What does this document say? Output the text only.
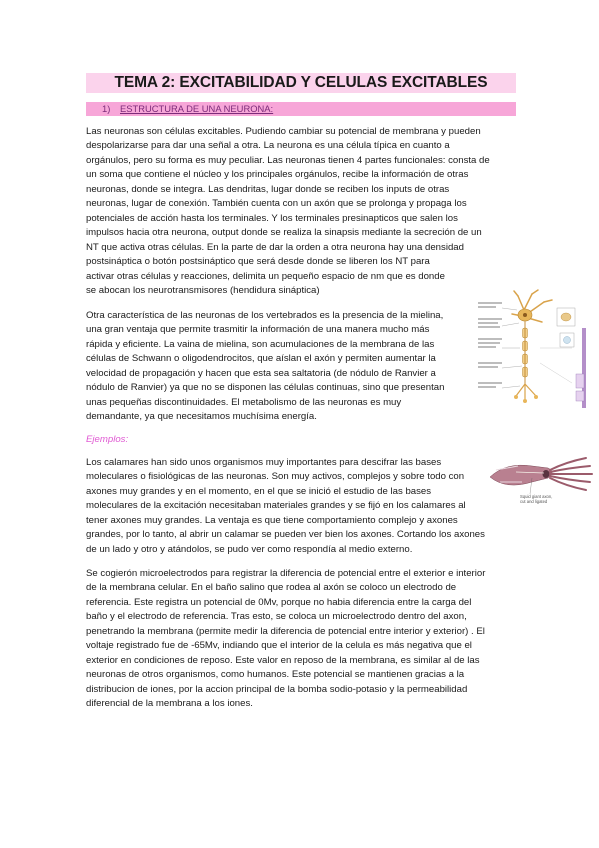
TEMA 2: EXCITABILIDAD Y CELULAS EXCITABLES
1) ESTRUCTURA DE UNA NEURONA:
Las neuronas son células excitables. Pudiendo cambiar su potencial de membrana y pueden
despolarizarse para dar una señal a otra. La neurona es una célula típica en cuanto a
orgánulos, pero su forma es muy peculiar. Las neuronas tienen 4 partes funcionales: consta de
un soma que contiene el núcleo y los principales orgánulos, recibe la información de otras
neuronas, donde se integra. Las dendritas, lugar donde se reciben los inputs de otras
neuronas, lugar de conexión. También cuenta con un axón que se prolonga y propaga los
potenciales de acción hasta los terminales. Y los terminales presinapticos que salen los
impulsos hacia otra neurona, output donde se realiza la sinapsis mediante la secreción de un
NT que activa otras células. En la parte de dar la orden a otra neurona hay una densidad
postsináptica o botón postsináptico que será desde donde se liberen los NT para
activar otras células y reacciones, delimita un pequeño espacio de nm que es donde
se abocan los neurotransmisores (hendidura sináptica)
Otra característica de las neuronas de los vertebrados es la presencia de la mielina,
una gran ventaja que permite trasmitir la información de una manera mucho más
rápida y eficiente. La vaina de mielina, son acumulaciones de la membrana de las
células de Schwann o oligodendrocitos, que aíslan el axón y permiten aumentar la
velocidad de propagación y hacen que esta sea saltatoria (de nódulo de Ranvier a
nódulo de Ranvier) ya que no se disponen las células continuas, sino que presentan
unas pequeñas discontinuidades. El metabolismo de las neuronas es muy
demandante, ya que necesitamos muchísima energía.
Ejemplos:
Los calamares han sido unos organismos muy importantes para descifrar las bases
moleculares o fisiológicas de las neuronas. Son muy activos, complejos y sobre todo con
axones muy grandes y en el momento, en el que se inició el estudio de las bases
moleculares de la excitación necesitaban materiales grandes y se fijó en los calamares al
tener axones muy grandes. La ventaja es que tiene comportamiento complejo y axones
grandes, por lo tanto, al abrir un calamar se pueden ver bien los axones. Cortando los axones
de un lado y otro y atándolos, se pudo ver como respondía al medio externo.
Se cogierón microelectrodos para registrar la diferencia de potencial entre el exterior e interior
de la membrana celular. En el baño salino que rodea al axón se coloco un electrodo de
referencia. Este registra un potencial de 0Mv, porque no habia diferencia entre la carga del
baño y el electrodo de referencia. Tras esto, se coloca un microelectrodo dentro del axon,
penetrando la membrana (permite medir la diferencia de potencial entre interior y exterior) . El
voltaje registrado fue de -65Mv, indiando que el interior de la celula es más negativa que el
exterior en condiciones de reposo. Este valor en reposo de la membrana, es similar al de las
neuronas de otros organismos, como humanos. Este potencial se mantienen gracias a la
distribucion de iones, por la accion principal de la bomba sodio-potasio y la permeabilidad
diferencial de la membrana a los iones.
Squid giant axon,
cut and ligated
